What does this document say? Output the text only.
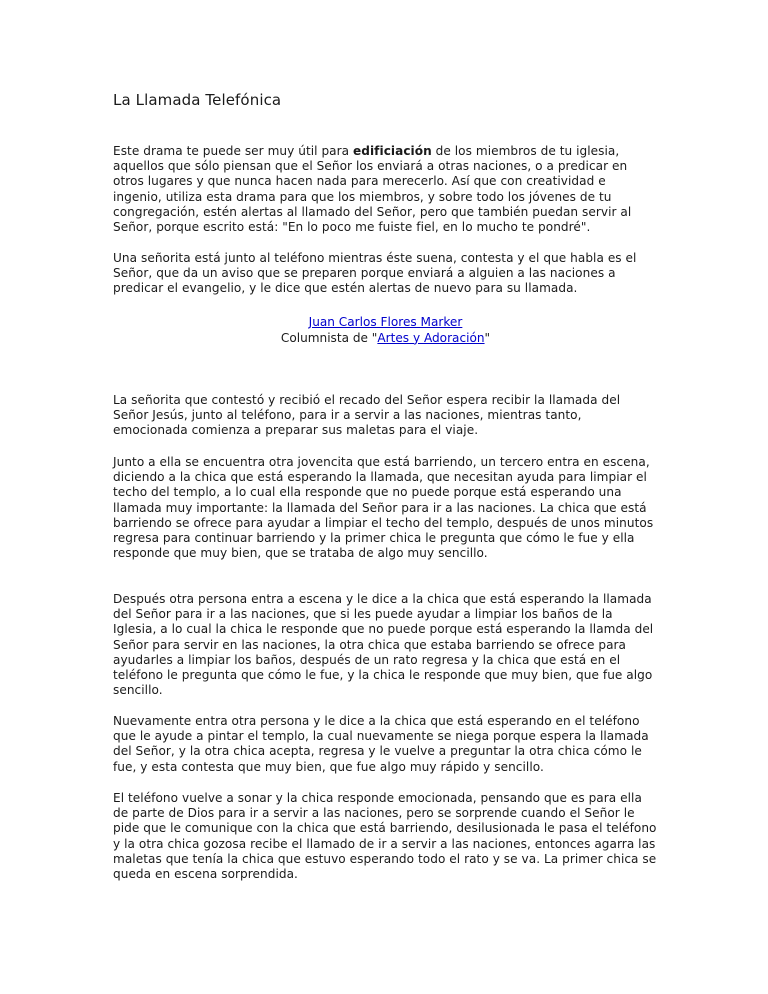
La Llamada Telefónica

Este drama te puede ser muy útil para edificiación de los miembros de tu iglesia, aquellos que sólo piensan que el Señor los enviará a otras naciones, o a predicar en otros lugares y que nunca hacen nada para merecerlo. Así que con creatividad e ingenio, utiliza esta drama para que los miembros, y sobre todo los jóvenes de tu congregación, estén alertas al llamado del Señor, pero que también puedan servir al Señor, porque escrito está: "En lo poco me fuiste fiel, en lo mucho te pondré".

Una señorita está junto al teléfono mientras éste suena, contesta y el que habla es el Señor, que da un aviso que se preparen porque enviará a alguien a las naciones a predicar el evangelio, y le dice que estén alertas de nuevo para su llamada.

Juan Carlos Flores Marker
Columnista de "Artes y Adoración"

La señorita que contestó y recibió el recado del Señor espera recibir la llamada del Señor Jesús, junto al teléfono, para ir a servir a las naciones, mientras tanto, emocionada comienza a preparar sus maletas para el viaje.

Junto a ella se encuentra otra jovencita que está barriendo, un tercero entra en escena, diciendo a la chica que está esperando la llamada, que necesitan ayuda para limpiar el techo del templo, a lo cual ella responde que no puede porque está esperando una llamada muy importante: la llamada del Señor para ir a las naciones. La chica que está barriendo se ofrece para ayudar a limpiar el techo del templo, después de unos minutos regresa para continuar barriendo y la primer chica le pregunta que cómo le fue y ella responde que muy bien, que se trataba de algo muy sencillo.

Después otra persona entra a escena y le dice a la chica que está esperando la llamada del Señor para ir a las naciones, que si les puede ayudar a limpiar los baños de la Iglesia, a lo cual la chica le responde que no puede porque está esperando la llamda del Señor para servir en las naciones, la otra chica que estaba barriendo se ofrece para ayudarles a limpiar los baños, después de un rato regresa y la chica que está en el teléfono le pregunta que cómo le fue, y la chica le responde que muy bien, que fue algo sencillo.

Nuevamente entra otra persona y le dice a la chica que está esperando en el teléfono que le ayude a pintar el templo, la cual nuevamente se niega porque espera la llamada del Señor, y la otra chica acepta, regresa y le vuelve a preguntar la otra chica cómo le fue, y esta contesta que muy bien, que fue algo muy rápido y sencillo.

El teléfono vuelve a sonar y la chica responde emocionada, pensando que es para ella de parte de Dios para ir a servir a las naciones, pero se sorprende cuando el Señor le pide que le comunique con la chica que está barriendo, desilusionada le pasa el teléfono y la otra chica gozosa recibe el llamado de ir a servir a las naciones, entonces agarra las maletas que tenía la chica que estuvo esperando todo el rato y se va. La primer chica se queda en escena sorprendida.
